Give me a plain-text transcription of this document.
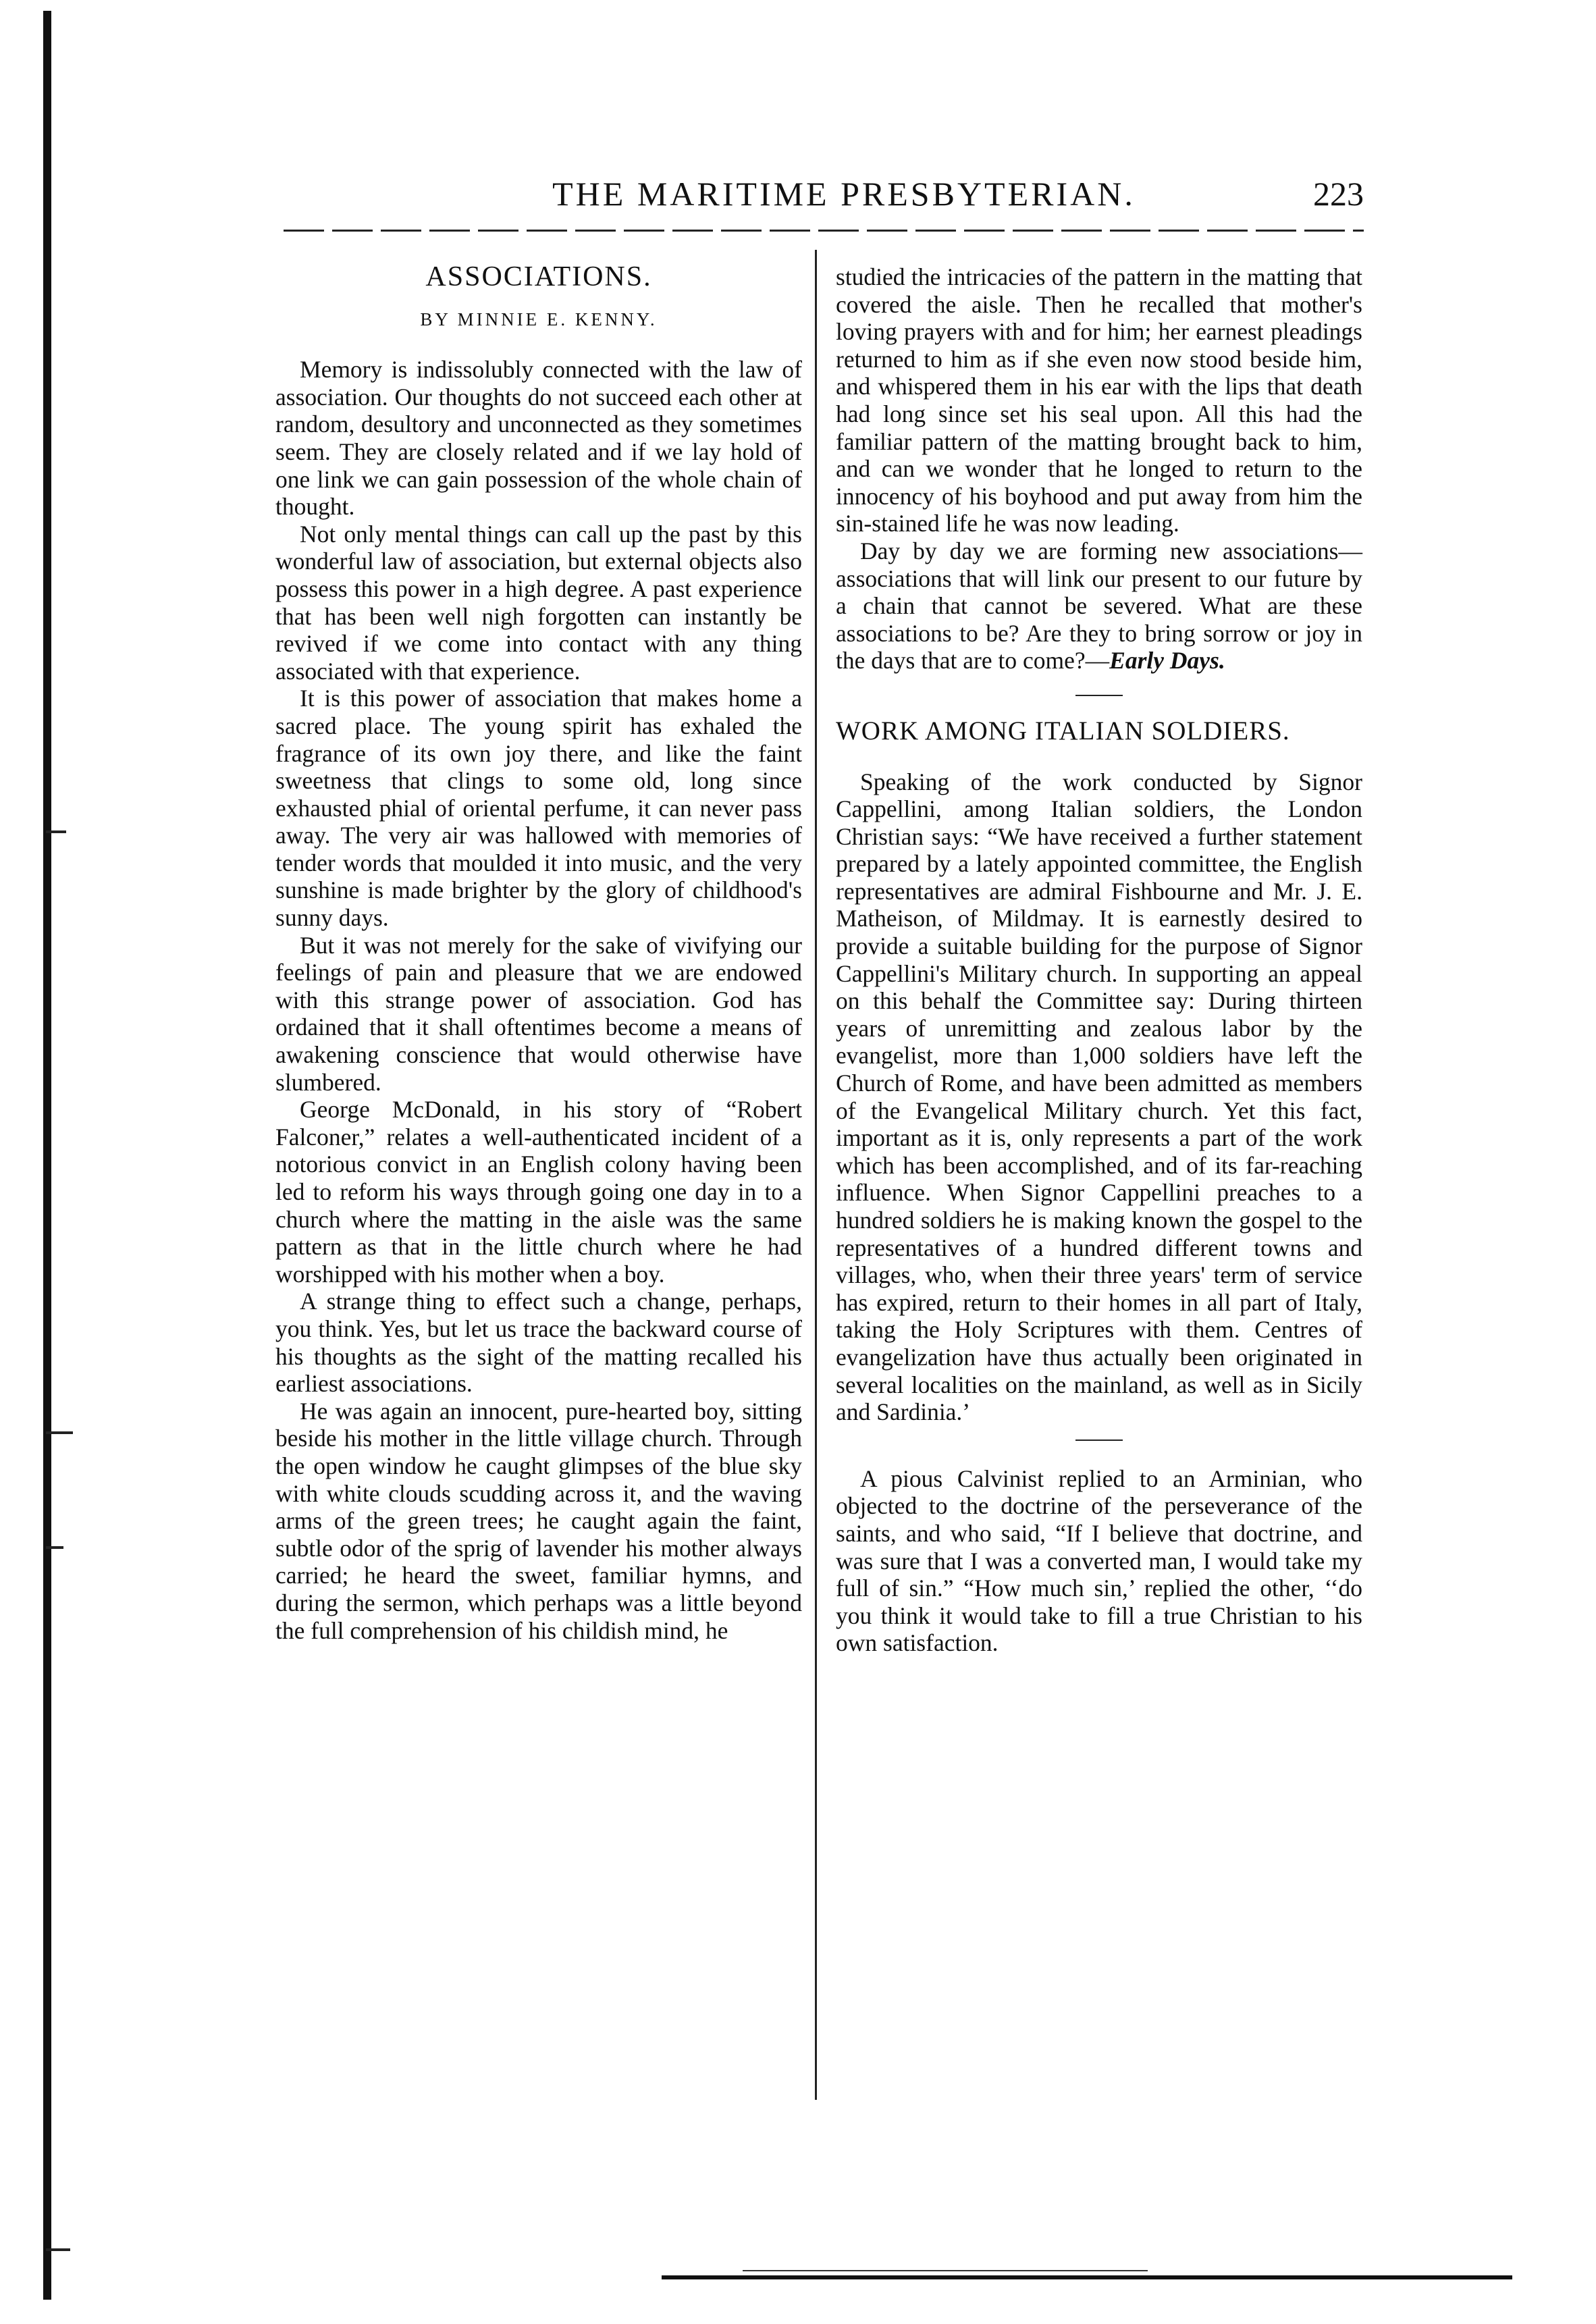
THE MARITIME PRESBYTERIAN.	223
ASSOCIATIONS.
BY MINNIE E. KENNY.

Memory is indissolubly connected with the law of association. Our thoughts do not succeed each other at random, desultory and unconnected as they sometimes seem. They are closely related and if we lay hold of one link we can gain possession of the whole chain of thought.

Not only mental things can call up the past by this wonderful law of association, but external objects also possess this power in a high degree. A past experience that has been well nigh forgotten can instantly be revived if we come into contact with any thing associated with that experience.

It is this power of association that makes home a sacred place. The young spirit has exhaled the fragrance of its own joy there, and like the faint sweetness that clings to some old, long since exhausted phial of oriental perfume, it can never pass away. The very air was hallowed with memories of tender words that moulded it into music, and the very sunshine is made brighter by the glory of childhood's sunny days.

But it was not merely for the sake of vivifying our feelings of pain and pleasure that we are endowed with this strange power of association. God has ordained that it shall oftentimes become a means of awakening conscience that would otherwise have slumbered.

George McDonald, in his story of “Robert Falconer,” relates a well-authenticated incident of a notorious convict in an English colony having been led to reform his ways through going one day in to a church where the matting in the aisle was the same pattern as that in the little church where he had worshipped with his mother when a boy.

A strange thing to effect such a change, perhaps, you think. Yes, but let us trace the backward course of his thoughts as the sight of the matting recalled his earliest associations.

He was again an innocent, pure-hearted boy, sitting beside his mother in the little village church. Through the open window he caught glimpses of the blue sky with white clouds scudding across it, and the waving arms of the green trees; he caught again the faint, subtle odor of the sprig of lavender his mother always carried; he heard the sweet, familiar hymns, and during the sermon, which perhaps was a little beyond the full comprehension of his childish mind, he

studied the intricacies of the pattern in the matting that covered the aisle. Then he recalled that mother's loving prayers with and for him; her earnest pleadings returned to him as if she even now stood beside him, and whispered them in his ear with the lips that death had long since set his seal upon. All this had the familiar pattern of the matting brought back to him, and can we wonder that he longed to return to the innocency of his boyhood and put away from him the sin-stained life he was now leading.

Day by day we are forming new associations—associations that will link our present to our future by a chain that cannot be severed. What are these associations to be? Are they to bring sorrow or joy in the days that are to come?—Early Days.

WORK AMONG ITALIAN SOLDIERS.

Speaking of the work conducted by Signor Cappellini, among Italian soldiers, the London Christian says: “We have received a further statement prepared by a lately appointed committee, the English representatives are admiral Fishbourne and Mr. J. E. Matheison, of Mildmay. It is earnestly desired to provide a suitable building for the purpose of Signor Cappellini's Military church. In supporting an appeal on this behalf the Committee say: During thirteen years of unremitting and zealous labor by the evangelist, more than 1,000 soldiers have left the Church of Rome, and have been admitted as members of the Evangelical Military church. Yet this fact, important as it is, only represents a part of the work which has been accomplished, and of its far-reaching influence. When Signor Cappellini preaches to a hundred soldiers he is making known the gospel to the representatives of a hundred different towns and villages, who, when their three years' term of service has expired, return to their homes in all part of Italy, taking the Holy Scriptures with them. Centres of evangelization have thus actually been originated in several localities on the mainland, as well as in Sicily and Sardinia.’

A pious Calvinist replied to an Arminian, who objected to the doctrine of the perseverance of the saints, and who said, “If I believe that doctrine, and was sure that I was a converted man, I would take my full of sin.” “How much sin,’ replied the other, ‘‘do you think it would take to fill a true Christian to his own satisfaction.
